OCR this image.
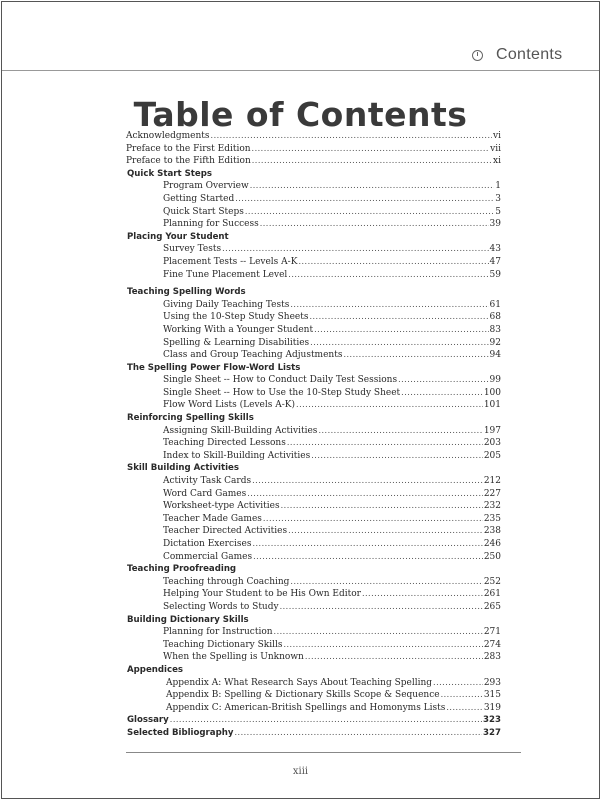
Contents
Table of Contents
Acknowledgments .....	vi
Preface to the First Edition .....	vii
Preface to the Fifth Edition .....	xi
Quick Start Steps
Program Overview .....	1
Getting Started .....	3
Quick Start Steps .....	5
Planning for Success .....	39
Placing Your Student
Survey Tests .....	43
Placement Tests -- Levels A-K .....	47
Fine Tune Placement Level .....	59
Teaching Spelling Words
Giving Daily Teaching Tests .....	61
Using the 10-Step Study Sheets .....	68
Working With a Younger Student .....	83
Spelling & Learning Disabilities .....	92
Class and Group Teaching Adjustments .....	94
The Spelling Power Flow-Word Lists
Single Sheet -- How to Conduct Daily Test Sessions .....	99
Single Sheet -- How to Use the 10-Step Study Sheet .....	100
Flow Word Lists (Levels A-K) .....	101
Reinforcing Spelling Skills
Assigning Skill-Building Activities .....	197
Teaching Directed Lessons .....	203
Index to Skill-Building Activities .....	205
Skill Building Activities
Activity Task Cards .....	212
Word Card Games .....	227
Worksheet-type Activities .....	232
Teacher Made Games .....	235
Teacher Directed Activities .....	238
Dictation Exercises .....	246
Commercial Games .....	250
Teaching Proofreading
Teaching through Coaching .....	252
Helping Your Student to be His Own Editor .....	261
Selecting Words to Study .....	265
Building Dictionary Skills
Planning for Instruction .....	271
Teaching Dictionary Skills .....	274
When the Spelling is Unknown .....	283
Appendices
Appendix A: What Research Says About Teaching Spelling .....	293
Appendix B: Spelling & Dictionary Skills Scope & Sequence .....	315
Appendix C: American-British Spellings and Homonyms Lists .....	319
Glossary .....	323
Selected Bibliography .....	327
xiii
